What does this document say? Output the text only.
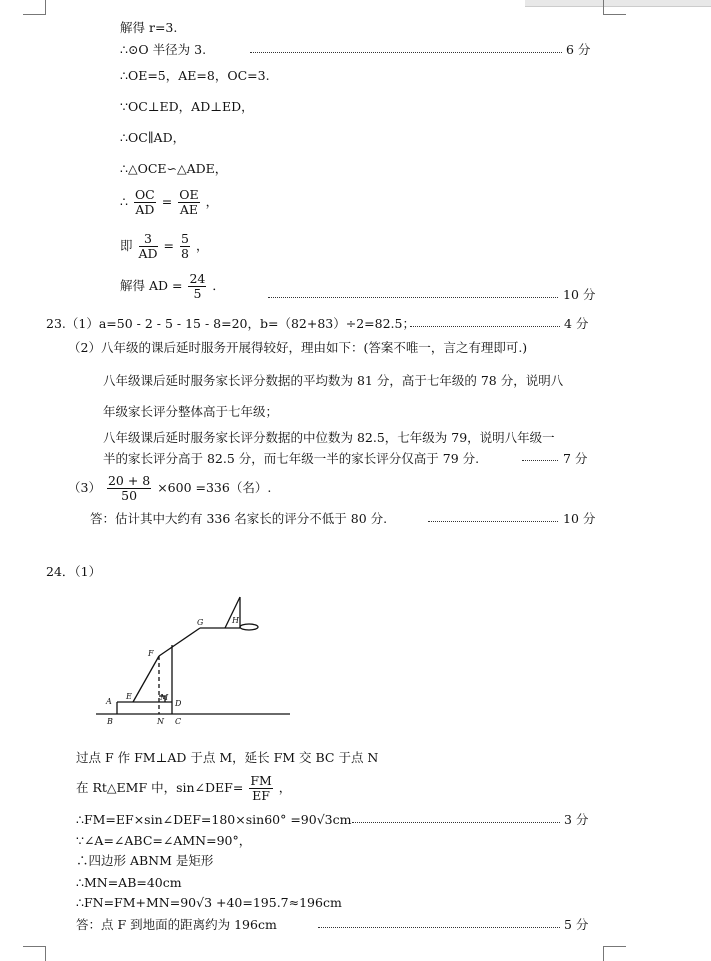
解得 r=3.
∴⊙O 半径为 3.	6 分
∴OE=5，AE=8，OC=3.
∵OC⊥ED，AD⊥ED，
∴OC∥AD，
∴△OCE∽△ADE，
∴ $\frac{OC}{AD} = \frac{OE}{AE}$ ，
即 $\frac{3}{AD} = \frac{5}{8}$ ，
解得 AD = $\frac{24}{5}$ ．
10 分
23.（1）a=50 - 2 - 5 - 15 - 8=20，b=（82+83）÷2=82.5；	4 分
（2）八年级的课后延时服务开展得较好，理由如下：(答案不唯一，言之有理即可.)
八年级课后延时服务家长评分数据的平均数为 81 分，高于七年级的 78 分，说明八
年级家长评分整体高于七年级；
八年级课后延时服务家长评分数据的中位数为 82.5，七年级为 79，说明八年级一
半的家长评分高于 82.5 分，而七年级一半的家长评分仅高于 79 分.	7 分
$(3) \frac{20 + 8}{50} \times 600 =336$（名）.
答：估计其中大约有 336 名家长的评分不低于 80 分.	10 分
24．（1）
A
B	C
D
E
F
G	H
M
N
过点 F 作 FM⊥AD 于点 M，延长 FM 交 BC 于点 N
在 Rt△EMF 中，sin∠DEF= $\frac{FM}{EF}$ ，
∴FM=EF×sin∠DEF=180×sin60° =90√3cm	3 分
∵∠A=∠ABC=∠AMN=90°，
∴四边形 ABNM 是矩形
∴MN=AB=40cm
∴FN=FM+MN=90√3 +40=195.7≈196cm
答：点 F 到地面的距离约为 196cm	5 分
